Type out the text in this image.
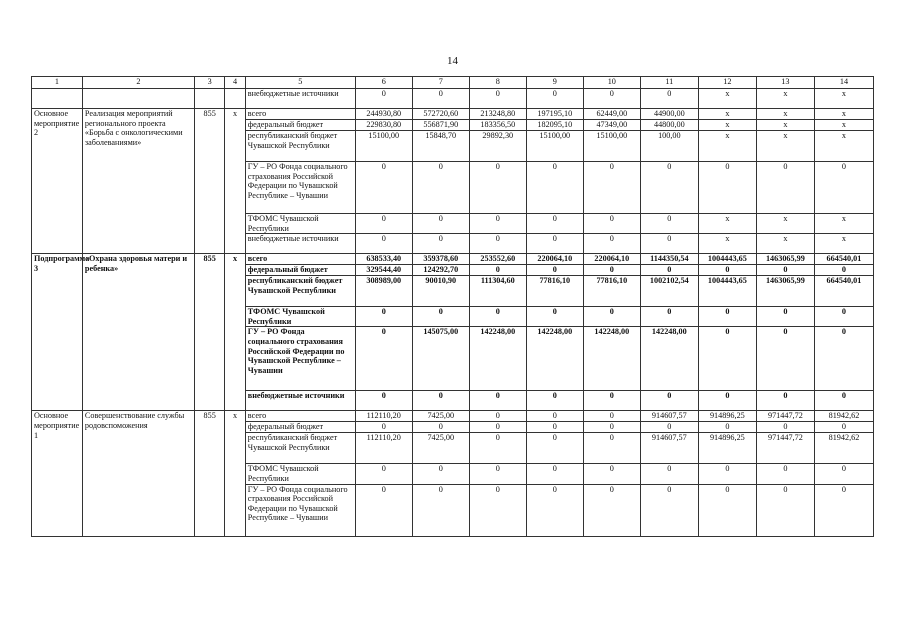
14
1	2	3	4	5	6	7	8	9	10	11	12	13	14
				внебюджетные источники	0	0	0	0	0	0	x	x	x
Основное мероприятие 2	Реализация мероприятий регионального проекта «Борьба с онкологическими заболеваниями»	855	x	всего	244930,80	572720,60	213248,80	197195,10	62449,00	44900,00	x	x	x
				федеральный бюджет	229830,80	556871,90	183356,50	182095,10	47349,00	44800,00	x	x	x
				республиканский бюджет Чувашской Республики	15100,00	15848,70	29892,30	15100,00	15100,00	100,00	x	x	x
				ГУ – РО Фонда социального страхования Российской Федерации по Чувашской Республике – Чувашии	0	0	0	0	0	0	0	0	0
				ТФОМС Чувашской Республики	0	0	0	0	0	0	x	x	x
				внебюджетные источники	0	0	0	0	0	0	x	x	x
Подпрограмма 3	«Охрана здоровья матери и ребенка»	855	x	всего	638533,40	359378,60	253552,60	220064,10	220064,10	1144350,54	1004443,65	1463065,99	664540,01
				федеральный бюджет	329544,40	124292,70	0	0	0	0	0	0	0
				республиканский бюджет Чувашской Республики	308989,00	90010,90	111304,60	77816,10	77816,10	1002102,54	1004443,65	1463065,99	664540,01
				ТФОМС Чувашской Республики	0	0	0	0	0	0	0	0	0
				ГУ – РО Фонда социального страхования Российской Федерации по Чувашской Республике – Чувашии	0	145075,00	142248,00	142248,00	142248,00	142248,00	0	0	0
				внебюджетные источники	0	0	0	0	0	0	0	0	0
Основное мероприятие 1	Совершенствование службы родовспоможения	855	x	всего	112110,20	7425,00	0	0	0	914607,57	914896,25	971447,72	81942,62
				федеральный бюджет	0	0	0	0	0	0	0	0	0
				республиканский бюджет Чувашской Республики	112110,20	7425,00	0	0	0	914607,57	914896,25	971447,72	81942,62
				ТФОМС Чувашской Республики	0	0	0	0	0	0	0	0	0
				ГУ – РО Фонда социального страхования Российской Федерации по Чувашской Республике – Чувашии	0	0	0	0	0	0	0	0	0
